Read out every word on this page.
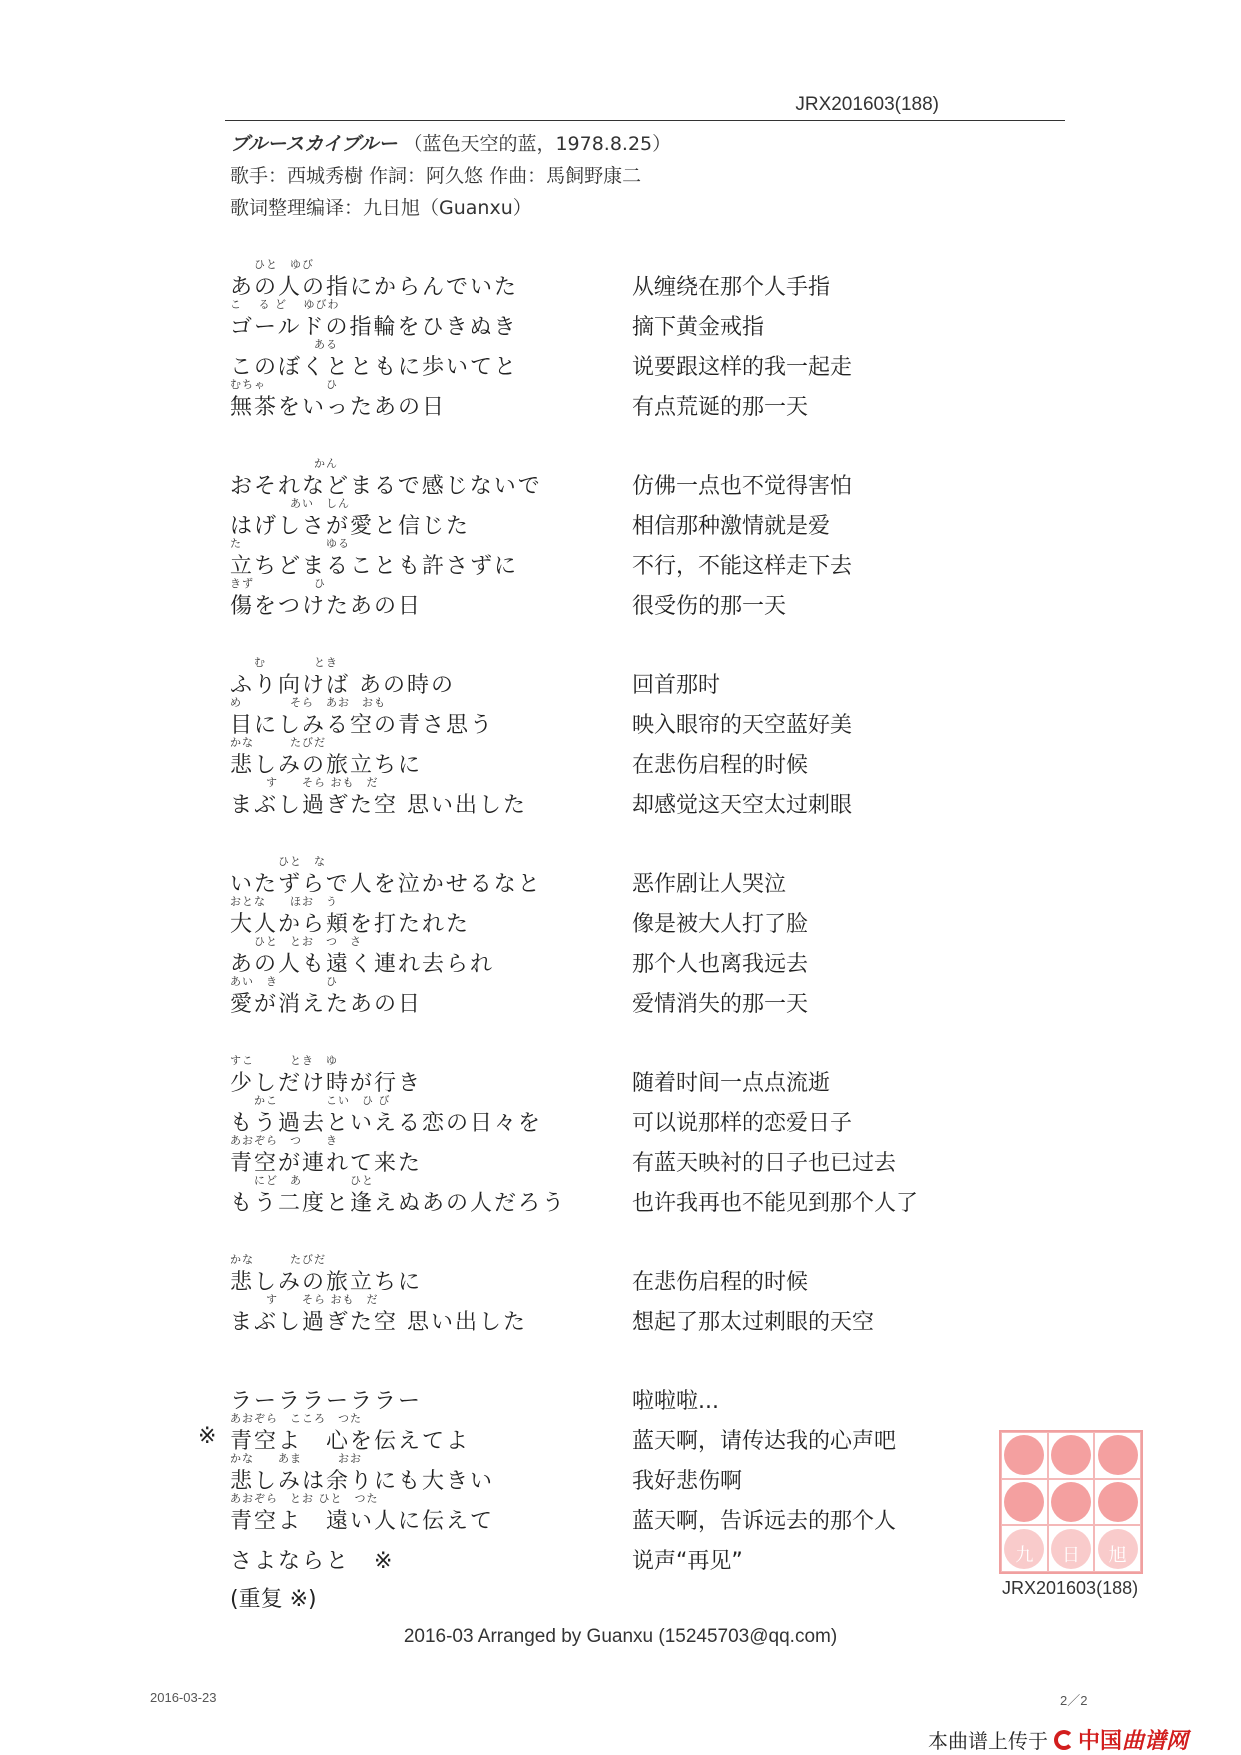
JRX201603(188)
ブルースカイブルー （蓝色天空的蓝，1978.8.25）
歌手：西城秀樹 作詞：阿久悠 作曲：馬飼野康二
歌词整理编译：九日旭（Guanxu）
　　ひと　ゆび
あの人の指にからんでいた	从缠绕在那个人手指
こ　 る ど　 ゆびわ
ゴールドの指輪をひきぬき	摘下黄金戒指
　　　　　　　ある
このぼくとともに歩いてと	说要跟这样的我一起走
むちゃ　　　　　ひ
無茶をいったあの日	有点荒诞的那一天
　　　　　　　かん
おそれなどまるで感じないで	仿佛一点也不觉得害怕
　　　　　あい　しん
はげしさが愛と信じた	相信那种激情就是爱
た　　　　　　　ゆる
立ちどまることも許さずに	不行，不能这样走下去
きず　　　　　ひ
傷をつけたあの日	很受伤的那一天
　　む　　　　とき
ふり向けば あの時の	回首那时
め　　　　そら　あお　おも
目にしみる空の青さ思う	映入眼帘的天空蓝好美
かな　　　たびだ
悲しみの旅立ちに	在悲伤启程的时候
　　　す　　そら おも　だ
まぶし過ぎた空 思い出した	却感觉这天空太过刺眼
　　　　ひと　な
いたずらで人を泣かせるなと	恶作剧让人哭泣
おとな　　ほお　う
大人から頬を打たれた	像是被大人打了脸
　　ひと　とお　つ　さ
あの人も遠く連れ去られ	那个人也离我远去
あい　き　　　　ひ
愛が消えたあの日	爱情消失的那一天
すこ　　　とき　ゆ
少しだけ時が行き	随着时间一点点流逝
　　かこ　　　　こい　ひ び
もう過去といえる恋の日々を	可以说那样的恋爱日子
あおぞら　つ　　き
青空が連れて来た	有蓝天映衬的日子也已过去
　　にど　あ　　　　ひと
もう二度と逢えぬあの人だろう	也许我再也不能见到那个人了
かな　　　たびだ
悲しみの旅立ちに	在悲伤启程的时候
　　　す　　そら おも　だ
まぶし過ぎた空 思い出した	想起了那太过刺眼的天空
ラーララーララー	啦啦啦...
※
あおぞら　こころ　つた
青空よ　心を伝えてよ	蓝天啊，请传达我的心声吧
かな　　あま　　　おお
悲しみは余りにも大きい	我好悲伤啊
あおぞら　とお ひと　つた
青空よ　遠い人に伝えて	蓝天啊，告诉远去的那个人
さよならと　※	说声“再见”
(重复 ※)
2016-03 Arranged by Guanxu (15245703@qq.com)
2016-03-23	2／2
九 日 旭
JRX201603(188)
本曲谱上传于 中国 曲谱网
